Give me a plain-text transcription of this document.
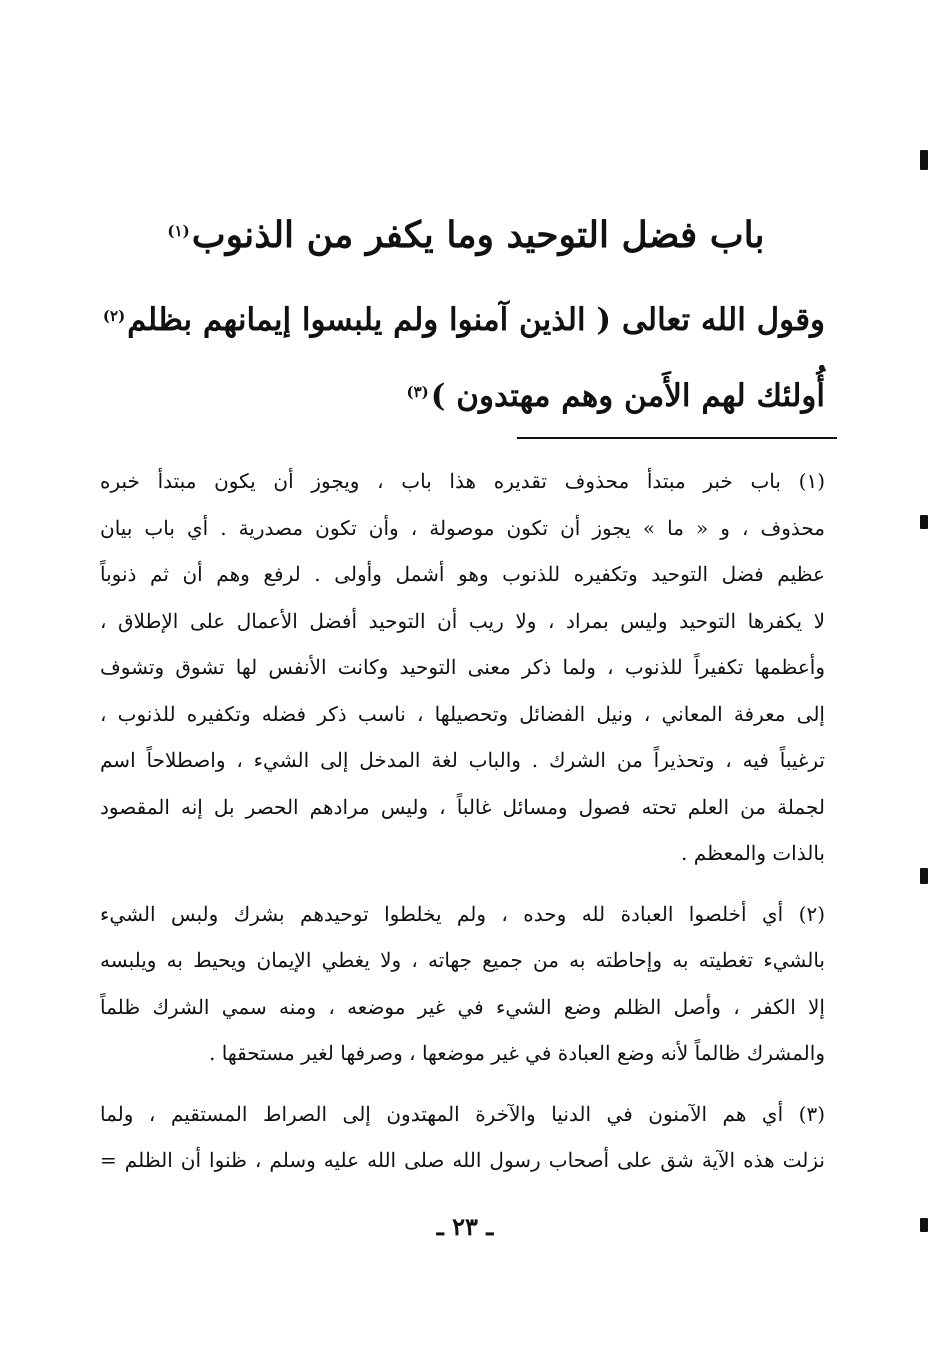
باب فضل التوحيد وما يكفر من الذنوب$^{(١)}$

وقول الله تعالى ( الذين آمنوا ولم يلبسوا إيمانهم بظلم$^{(٢)}$

أُولئك لهم الأَمن وهم مهتدون )$^{(٣)}$

(١) باب خبر مبتدأ محذوف تقديره هذا باب ، ويجوز أن يكون مبتدأ خبره
محذوف ، و « ما » يجوز أن تكون موصولة ، وأن تكون مصدرية . أي باب بيان
عظيم فضل التوحيد وتكفيره للذنوب وهو أشمل وأولى . لرفع وهم أن ثم ذنوباً
لا يكفرها التوحيد وليس بمراد ، ولا ريب أن التوحيد أفضل الأعمال على الإطلاق ،
وأعظمها تكفيراً للذنوب ، ولما ذكر معنى التوحيد وكانت الأنفس لها تشوق وتشوف
إلى معرفة المعاني ، ونيل الفضائل وتحصيلها ، ناسب ذكر فضله وتكفيره للذنوب ،
ترغيباً فيه ، وتحذيراً من الشرك . والباب لغة المدخل إلى الشيء ، واصطلاحاً اسم
لجملة من العلم تحته فصول ومسائل غالباً ، وليس مرادهم الحصر بل إنه المقصود
بالذات والمعظم .
(٢) أي أخلصوا العبادة لله وحده ، ولم يخلطوا توحيدهم بشرك ولبس الشيء
بالشيء تغطيته به وإحاطته به من جميع جهاته ، ولا يغطي الإيمان ويحيط به ويلبسه
إلا الكفر ، وأصل الظلم وضع الشيء في غير موضعه ، ومنه سمي الشرك ظلماً
والمشرك ظالماً لأنه وضع العبادة في غير موضعها ، وصرفها لغير مستحقها .
(٣) أي هم الآمنون في الدنيا والآخرة المهتدون إلى الصراط المستقيم ، ولما
نزلت هذه الآية شق على أصحاب رسول الله صلى الله عليه وسلم ، ظنوا أن الظلم =
ـ ٢٣ ـ
